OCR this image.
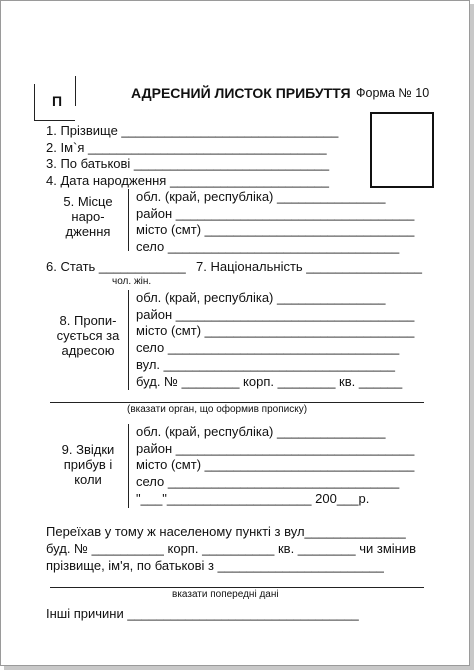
П	АДРЕСНИЙ ЛИСТОК ПРИБУТТЯ Форма № 10
1. Прізвище ______________________________
2. Ім`я _________________________________
3. По батькові ___________________________
4. Дата народження ______________________
5. Місце наро-дження
обл. (край, республіка) _______________
район _________________________________
місто (смт) _____________________________
село ________________________________
6. Стать ____________
чол. жін.
7. Національність ________________
8. Пропи-сується за адресою
обл. (край, республіка) _______________
район _________________________________
місто (смт) _____________________________
село ________________________________
вул. ________________________________
буд. № ________ корп. ________ кв. ______
(вказати орган, що оформив прописку)
9. Звідки прибув і коли
обл. (край, республіка) _______________
район _________________________________
місто (смт) _____________________________
село ________________________________
"___"____________________ 200___р.
Переїхав у тому ж населеному пункті з вул______________
буд. № __________ корп. __________ кв. ________ чи змінив
прізвище, ім'я, по батькові з _______________________
вказати попередні дані
Інші причини ________________________________
